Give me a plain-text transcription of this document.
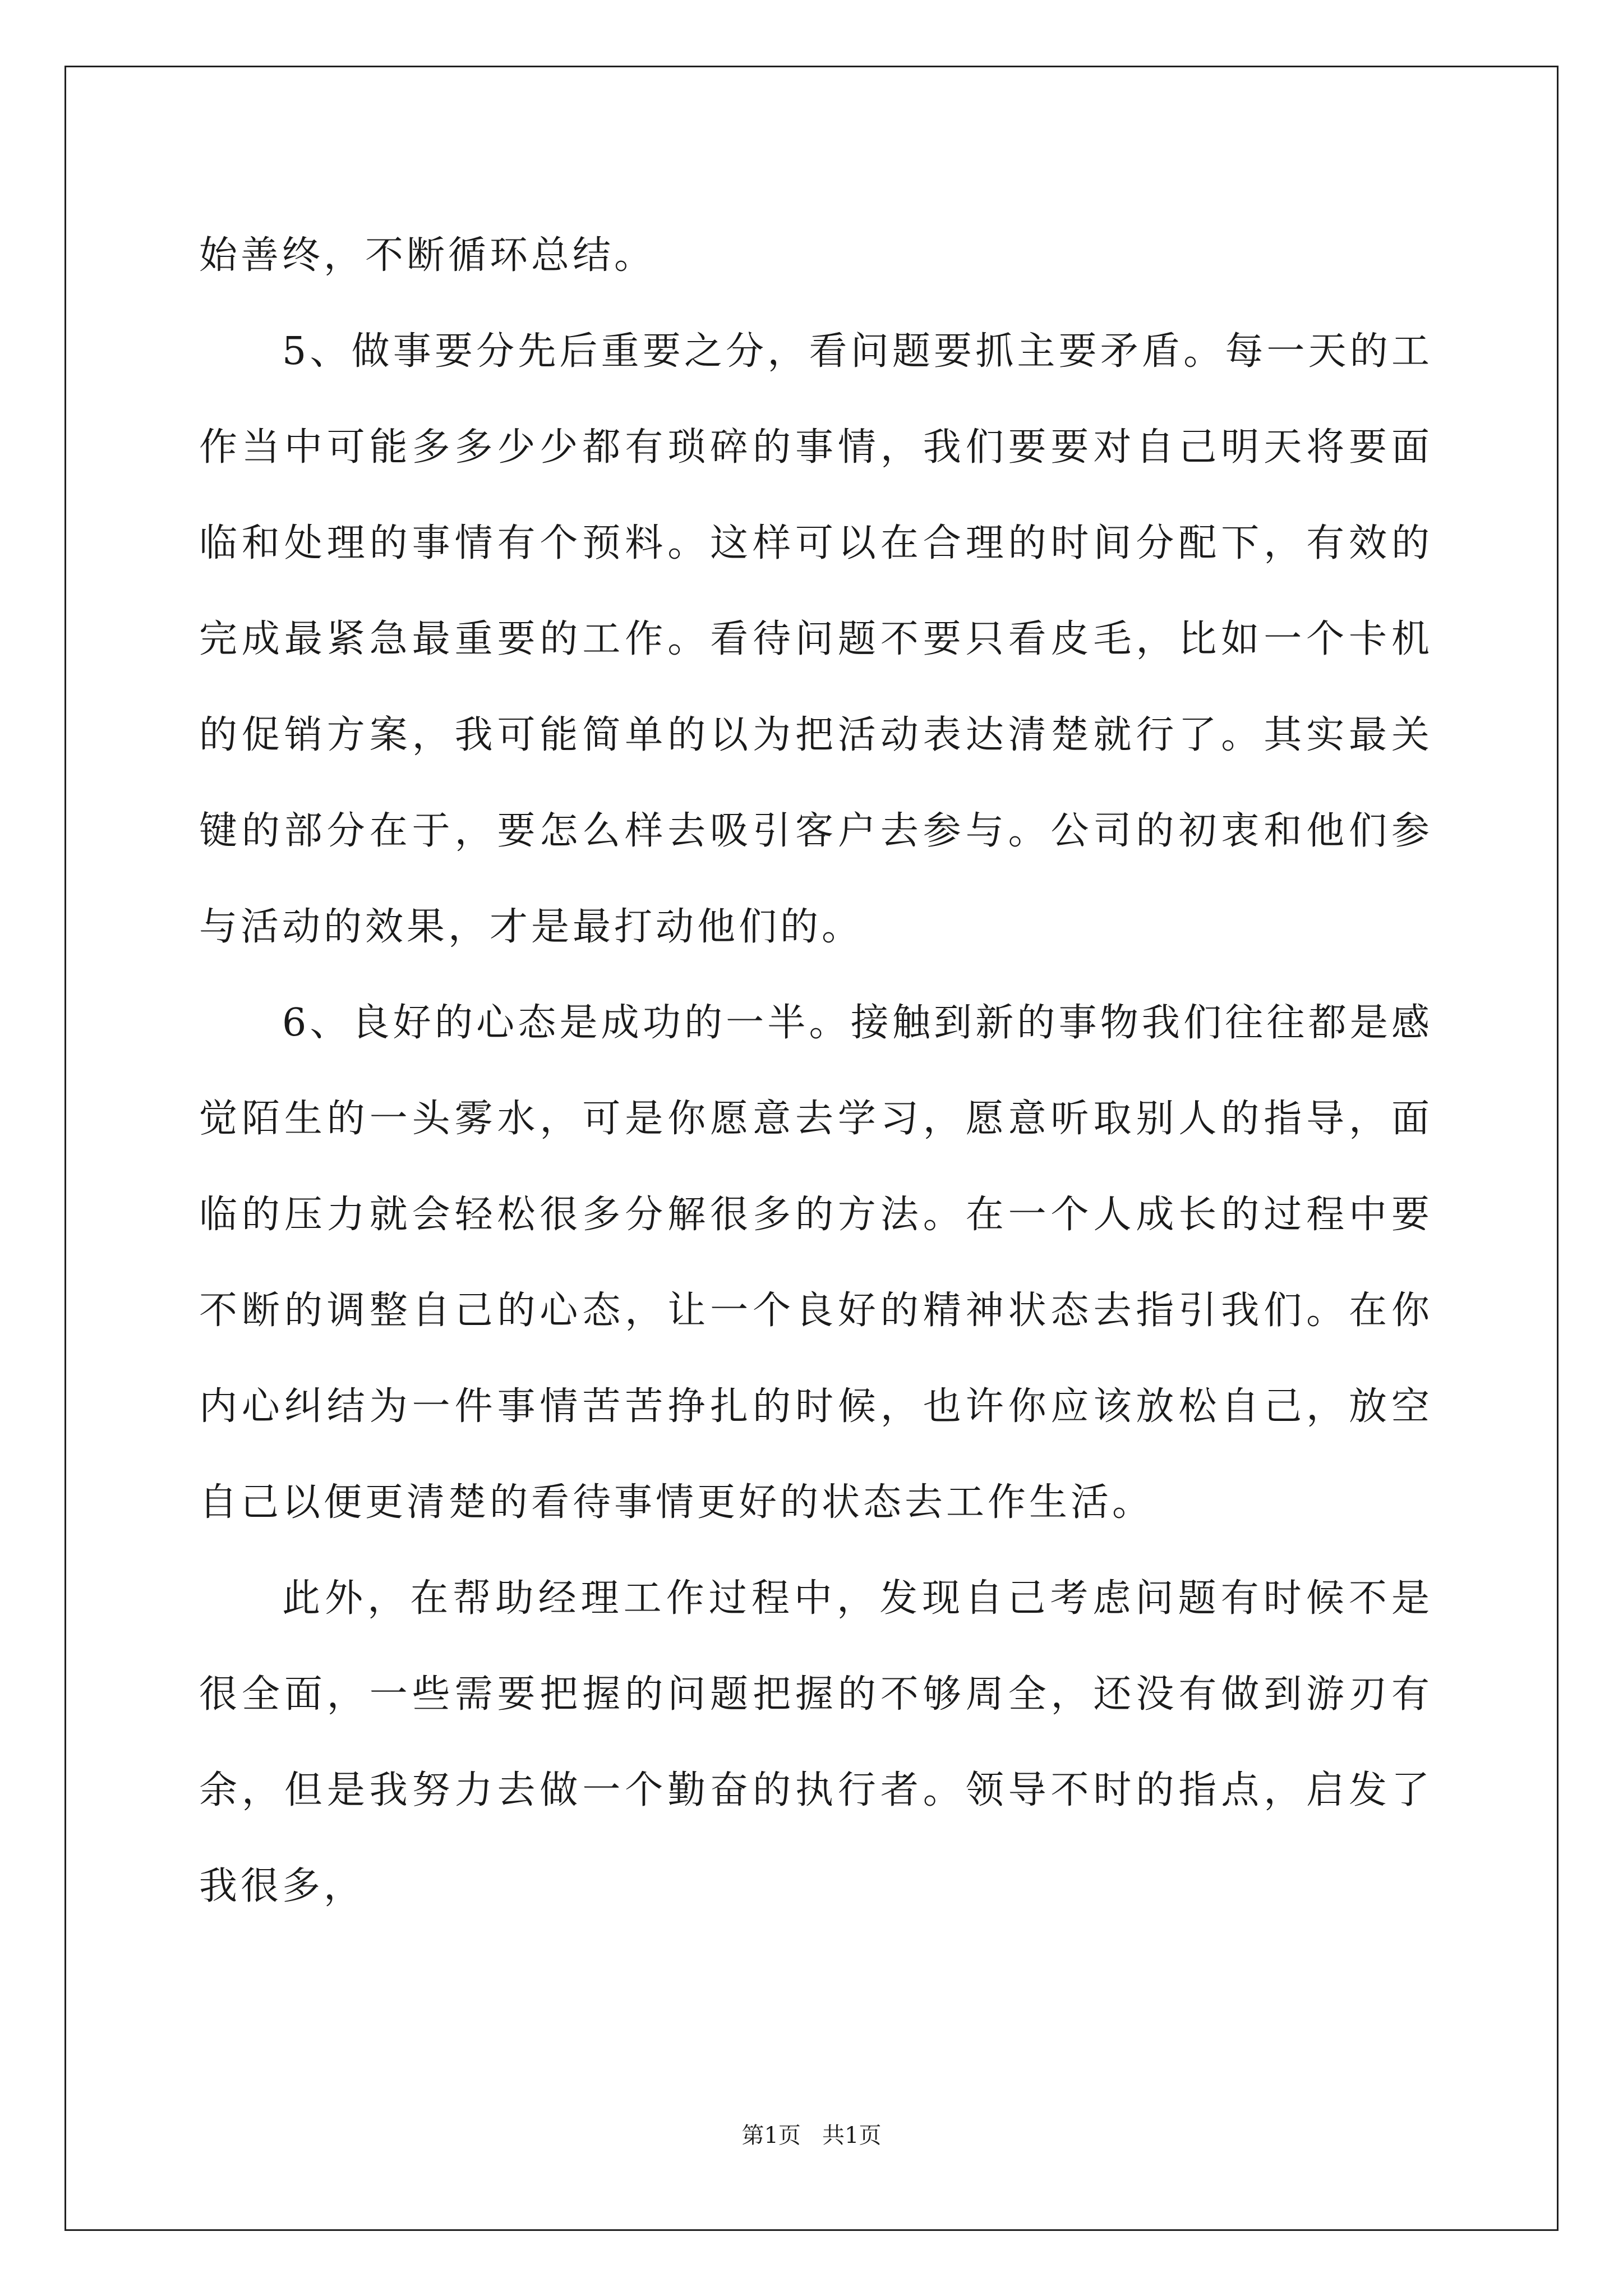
始善终，不断循环总结。

5、做事要分先后重要之分，看问题要抓主要矛盾。每一天的工作当中可能多多少少都有琐碎的事情，我们要要对自己明天将要面临和处理的事情有个预料。这样可以在合理的时间分配下，有效的完成最紧急最重要的工作。看待问题不要只看皮毛，比如一个卡机的促销方案，我可能简单的以为把活动表达清楚就行了。其实最关键的部分在于，要怎么样去吸引客户去参与。公司的初衷和他们参与活动的效果，才是最打动他们的。

6、良好的心态是成功的一半。接触到新的事物我们往往都是感觉陌生的一头雾水，可是你愿意去学习，愿意听取别人的指导，面临的压力就会轻松很多分解很多的方法。在一个人成长的过程中要不断的调整自己的心态，让一个良好的精神状态去指引我们。在你内心纠结为一件事情苦苦挣扎的时候，也许你应该放松自己，放空自己以便更清楚的看待事情更好的状态去工作生活。

此外，在帮助经理工作过程中，发现自己考虑问题有时候不是很全面，一些需要把握的问题把握的不够周全，还没有做到游刃有余，但是我努力去做一个勤奋的执行者。领导不时的指点，启发了我很多，

第1页   共1页
